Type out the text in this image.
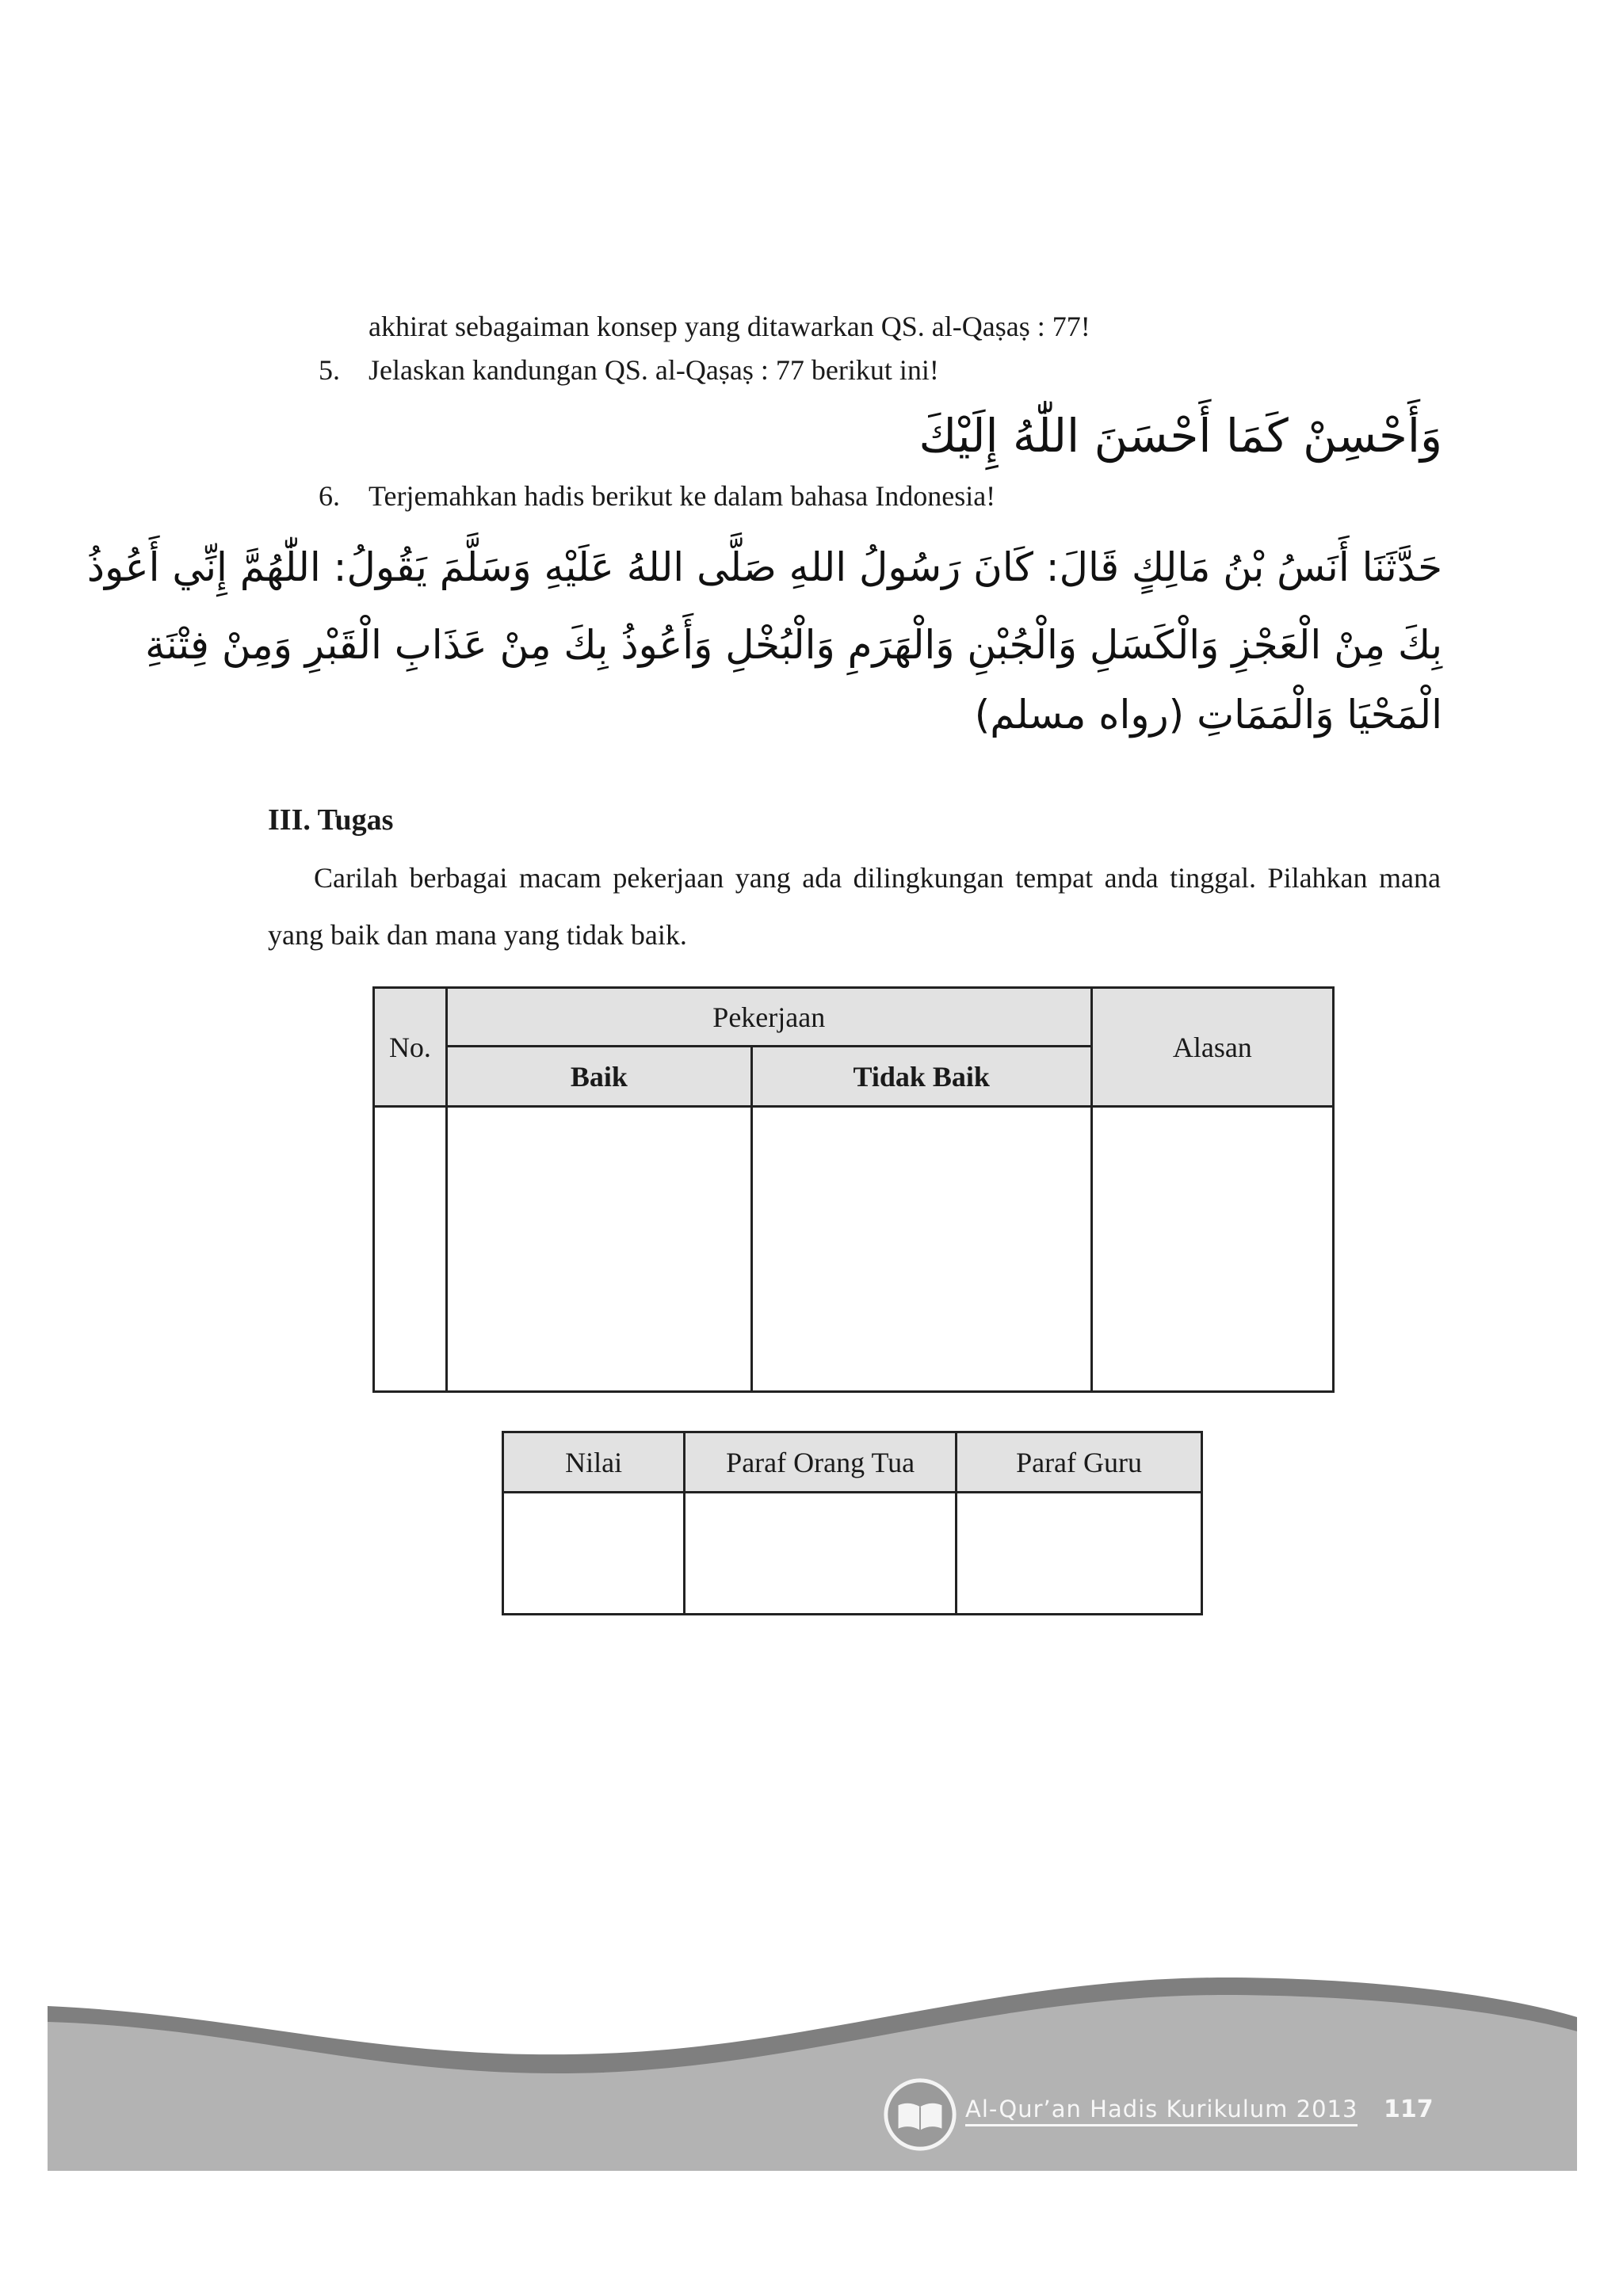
akhirat sebagaiman konsep yang ditawarkan QS. al-Qaṣaṣ : 77!
5. Jelaskan kandungan QS. al-Qaṣaṣ : 77 berikut ini!
وَأَحْسِنْ كَمَا أَحْسَنَ اللّٰهُ إِلَيْكَ
6. Terjemahkan hadis berikut ke dalam bahasa Indonesia!
حَدَّثَنَا أَنَسُ بْنُ مَالِكٍ قَالَ: كَانَ رَسُولُ اللهِ صَلَّى اللهُ عَلَيْهِ وَسَلَّمَ يَقُولُ: اللّٰهُمَّ إِنِّي أَعُوذُ
بِكَ مِنْ الْعَجْزِ وَالْكَسَلِ وَالْجُبْنِ وَالْهَرَمِ وَالْبُخْلِ وَأَعُوذُ بِكَ مِنْ عَذَابِ الْقَبْرِ وَمِنْ فِتْنَةِ
الْمَحْيَا وَالْمَمَاتِ (رواه مسلم)
III. Tugas
Carilah berbagai macam pekerjaan yang ada dilingkungan tempat anda tinggal. Pilahkan mana yang baik dan mana yang tidak baik.
No.	Pekerjaan		Alasan
	Baik	Tidak Baik	

Nilai	Paraf Orang Tua	Paraf Guru

Al-Qur’an Hadis Kurikulum 2013 117
